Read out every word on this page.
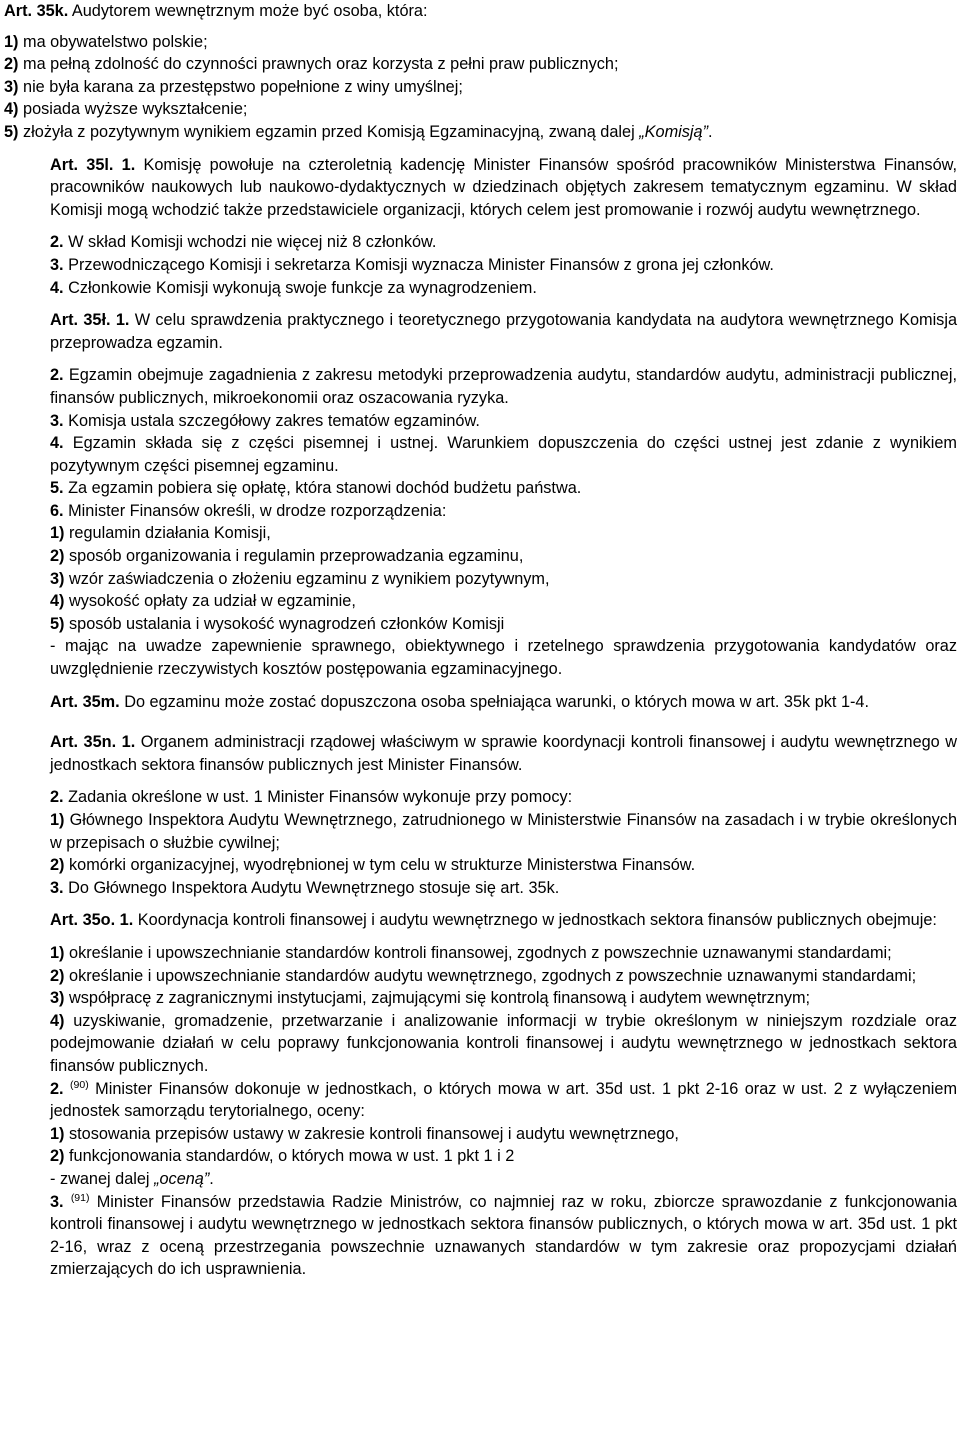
Art. 35k. Audytorem wewnętrznym może być osoba, która:

1) ma obywatelstwo polskie;

2) ma pełną zdolność do czynności prawnych oraz korzysta z pełni praw publicznych;

3) nie była karana za przestępstwo popełnione z winy umyślnej;

4) posiada wyższe wykształcenie;

5) złożyła z pozytywnym wynikiem egzamin przed Komisją Egzaminacyjną, zwaną dalej „Komisją”.

Art. 35l. 1. Komisję powołuje na czteroletnią kadencję Minister Finansów spośród pracowników Ministerstwa Finansów, pracowników naukowych lub naukowo-dydaktycznych w dziedzinach objętych zakresem tematycznym egzaminu. W skład Komisji mogą wchodzić także przedstawiciele organizacji, których celem jest promowanie i rozwój audytu wewnętrznego.

2. W skład Komisji wchodzi nie więcej niż 8 członków.

3. Przewodniczącego Komisji i sekretarza Komisji wyznacza Minister Finansów z grona jej członków.

4. Członkowie Komisji wykonują swoje funkcje za wynagrodzeniem.

Art. 35ł. 1. W celu sprawdzenia praktycznego i teoretycznego przygotowania kandydata na audytora wewnętrznego Komisja przeprowadza egzamin.

2. Egzamin obejmuje zagadnienia z zakresu metodyki przeprowadzenia audytu, standardów audytu, administracji publicznej, finansów publicznych, mikroekonomii oraz oszacowania ryzyka.

3. Komisja ustala szczegółowy zakres tematów egzaminów.

4. Egzamin składa się z części pisemnej i ustnej. Warunkiem dopuszczenia do części ustnej jest zdanie z wynikiem pozytywnym części pisemnej egzaminu.

5. Za egzamin pobiera się opłatę, która stanowi dochód budżetu państwa.

6. Minister Finansów określi, w drodze rozporządzenia:

1) regulamin działania Komisji,

2) sposób organizowania i regulamin przeprowadzania egzaminu,

3) wzór zaświadczenia o złożeniu egzaminu z wynikiem pozytywnym,

4) wysokość opłaty za udział w egzaminie,

5) sposób ustalania i wysokość wynagrodzeń członków Komisji

- mając na uwadze zapewnienie sprawnego, obiektywnego i rzetelnego sprawdzenia przygotowania kandydatów oraz uwzględnienie rzeczywistych kosztów postępowania egzaminacyjnego.

Art. 35m. Do egzaminu może zostać dopuszczona osoba spełniająca warunki, o których mowa w art. 35k pkt 1-4.

Art. 35n. 1. Organem administracji rządowej właściwym w sprawie koordynacji kontroli finansowej i audytu wewnętrznego w jednostkach sektora finansów publicznych jest Minister Finansów.

2. Zadania określone w ust. 1 Minister Finansów wykonuje przy pomocy:

1) Głównego Inspektora Audytu Wewnętrznego, zatrudnionego w Ministerstwie Finansów na zasadach i w trybie określonych w przepisach o służbie cywilnej;

2) komórki organizacyjnej, wyodrębnionej w tym celu w strukturze Ministerstwa Finansów.

3. Do Głównego Inspektora Audytu Wewnętrznego stosuje się art. 35k.

Art. 35o. 1. Koordynacja kontroli finansowej i audytu wewnętrznego w jednostkach sektora finansów publicznych obejmuje:

1) określanie i upowszechnianie standardów kontroli finansowej, zgodnych z powszechnie uznawanymi standardami;

2) określanie i upowszechnianie standardów audytu wewnętrznego, zgodnych z powszechnie uznawanymi standardami;

3) współpracę z zagranicznymi instytucjami, zajmującymi się kontrolą finansową i audytem wewnętrznym;

4) uzyskiwanie, gromadzenie, przetwarzanie i analizowanie informacji w trybie określonym w niniejszym rozdziale oraz podejmowanie działań w celu poprawy funkcjonowania kontroli finansowej i audytu wewnętrznego w jednostkach sektora finansów publicznych.

2. $^{(90)}$ Minister Finansów dokonuje w jednostkach, o których mowa w art. 35d ust. 1 pkt 2-16 oraz w ust. 2 z wyłączeniem jednostek samorządu terytorialnego, oceny:

1) stosowania przepisów ustawy w zakresie kontroli finansowej i audytu wewnętrznego,

2) funkcjonowania standardów, o których mowa w ust. 1 pkt 1 i 2

- zwanej dalej „oceną”.

3. $^{(91)}$ Minister Finansów przedstawia Radzie Ministrów, co najmniej raz w roku, zbiorcze sprawozdanie z funkcjonowania kontroli finansowej i audytu wewnętrznego w jednostkach sektora finansów publicznych, o których mowa w art. 35d ust. 1 pkt 2-16, wraz z oceną przestrzegania powszechnie uznawanych standardów w tym zakresie oraz propozycjami działań zmierzających do ich usprawnienia.
